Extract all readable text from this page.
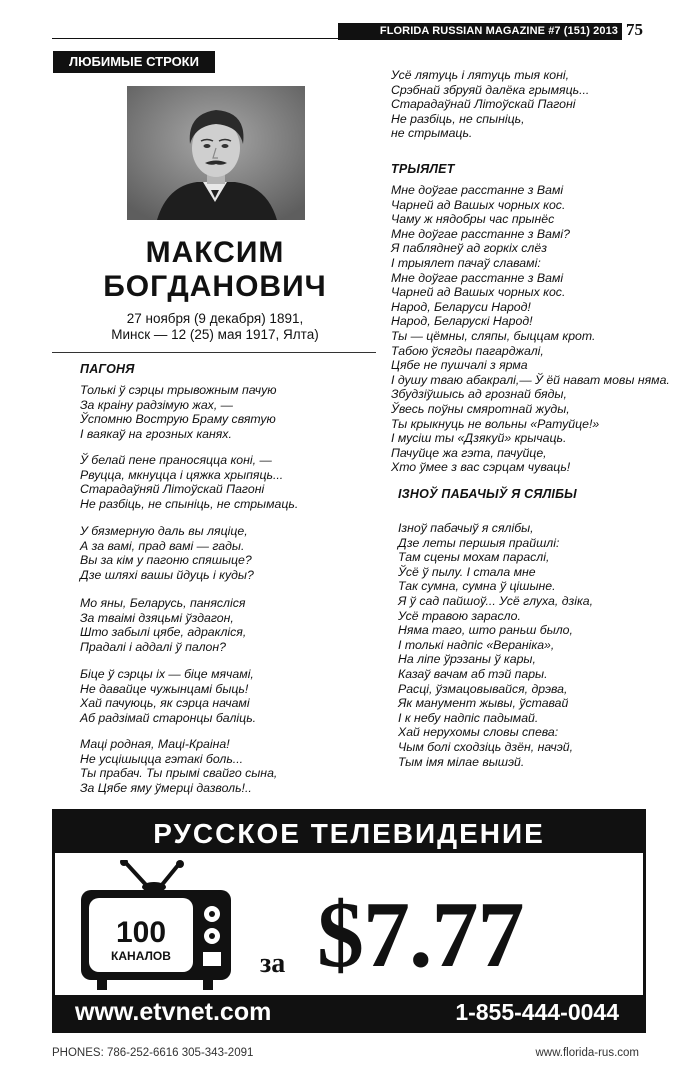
FLORIDA RUSSIAN MAGAZINE #7 (151) 2013 75
ЛЮБИМЫЕ СТРОКИ
МАКСИМ
БОГДАНОВИЧ
27 ноября (9 декабря) 1891,
Минск — 12 (25) мая 1917, Ялта)
ПАГОНЯ
Толькі ў сэрцы трывожным пачую
За краіну радзімую жах, —
Ўспомню Вострую Браму святую
І ваякаў на грозных канях.
Ў белай пене праносяцца коні, —
Рвуцца, мкнуцца і цяжка хрыпяць...
Старадаўняй Літоўскай Пагоні
Не разбіць, не спыніць, не стрымаць.
У бязмерную даль вы ляціце,
А за вамі, прад вамі — гады.
Вы за кім у пагоню спяшыце?
Дзе шляхі вашы йдуць і куды?
Мо яны, Беларусь, панясліся
За тваімі дзяцьмі ўздагон,
Што забылі цябе, адракліся,
Прадалі і аддалі ў палон?
Біце ў сэрцы іх — біце мячамі,
Не давайце чужынцамі быць!
Хай пачуюць, як сэрца начамі
Аб радзімай старонцы баліць.
Маці родная, Маці-Краіна!
Не усцішыцца гэтакі боль...
Ты прабач. Ты прымі свайго сына,
За Цябе яму ўмерці дазволь!..
Усё лятуць і лятуць тыя коні,
Срэбнай збруяй далёка грымяць...
Старадаўнай Літоўскай Пагоні
Не разбіць, не спыніць,
не стрымаць.
ТРЫЯЛЕТ
Мне доўгае расстанне з Вамі
Чарней ад Вашых чорных кос.
Чаму ж нядобры час прынёс
Мне доўгае расстанне з Вамі?
Я пабляднеў ад горкіх слёз
І трыялет пачаў славамі:
Мне доўгае расстанне з Вамі
Чарней ад Вашых чорных кос.
Народ, Беларуси Народ!
Народ, Беларускі Народ!
Ты — цёмны, сляпы, быццам крот.
Табою ўсягды пагарджалі,
Цябе не пушчалі з ярма
І душу тваю абакралі,— Ў ёй нават мовы няма.
Збудзіўшысь ад грознай бяды,
Ўвесь поўны смяротнай жуды,
Ты крыкнуць не вольны «Ратуйце!»
І мусіш ты «Дзякуй» крычаць.
Пачуйце жа гэта, пачуйце,
Хто ўмее з вас сэрцам чуваць!
ІЗНОЎ ПАБАЧЫЎ Я СЯЛІБЫ
Ізноў пабачыў я сялібы,
Дзе леты першыя прайшлі:
Там сцены мохам параслі,
Ўсё ў пылу. І стала мне
Так сумна, сумна ў цішыне.
Я ў сад пайшоў... Усё глуха, дзіка,
Усё травою зарасло.
Няма таго, што раньш было,
І толькі надпіс «Веранiка»,
На ліпе ўрэзаны ў кары,
Казаў вачам аб тэй пары.
Расці, ўзмацовывайся, дрэва,
Як манумент жывы, ўставай
І к небу надпіс падымай.
Хай нерухомы словы спева:
Чым болі сходзіць дзён, начэй,
Тым імя мілае вышэй.
РУССКОЕ ТЕЛЕВИДЕНИЕ
100
КАНАЛОВ	за $7.77
www.etvnet.com	1-855-444-0044
PHONES: 786-252-6616 305-343-2091	www.florida-rus.com
